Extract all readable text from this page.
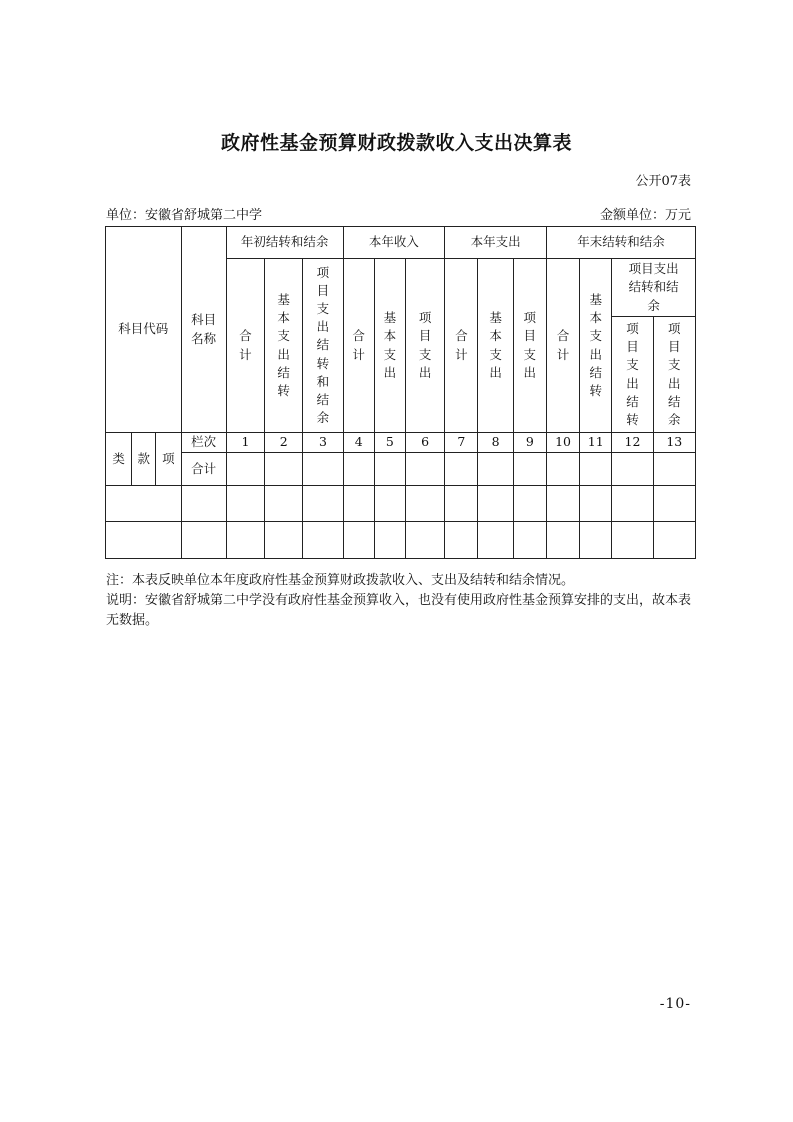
政府性基金预算财政拨款收入支出决算表
公开07表
单位：安徽省舒城第二中学	金额单位：万元
科目代码			科目名称	年初结转和结余			本年收入			本年支出			年末结转和结余			
				合计	基本支出结转	项目支出结转和结余	合计	基本支出	项目支出	合计	基本支出	项目支出	合计	基本支出结转	项目支出结转和结余	
															项目支出结转	项目支出结余
类	款	项	栏次	1	2	3	4	5	6	7	8	9	10	11	12	13
			合计													

注：本表反映单位本年度政府性基金预算财政拨款收入、支出及结转和结余情况。
说明：安徽省舒城第二中学没有政府性基金预算收入，也没有使用政府性基金预算安排的支出，故本表无数据。
-10-
